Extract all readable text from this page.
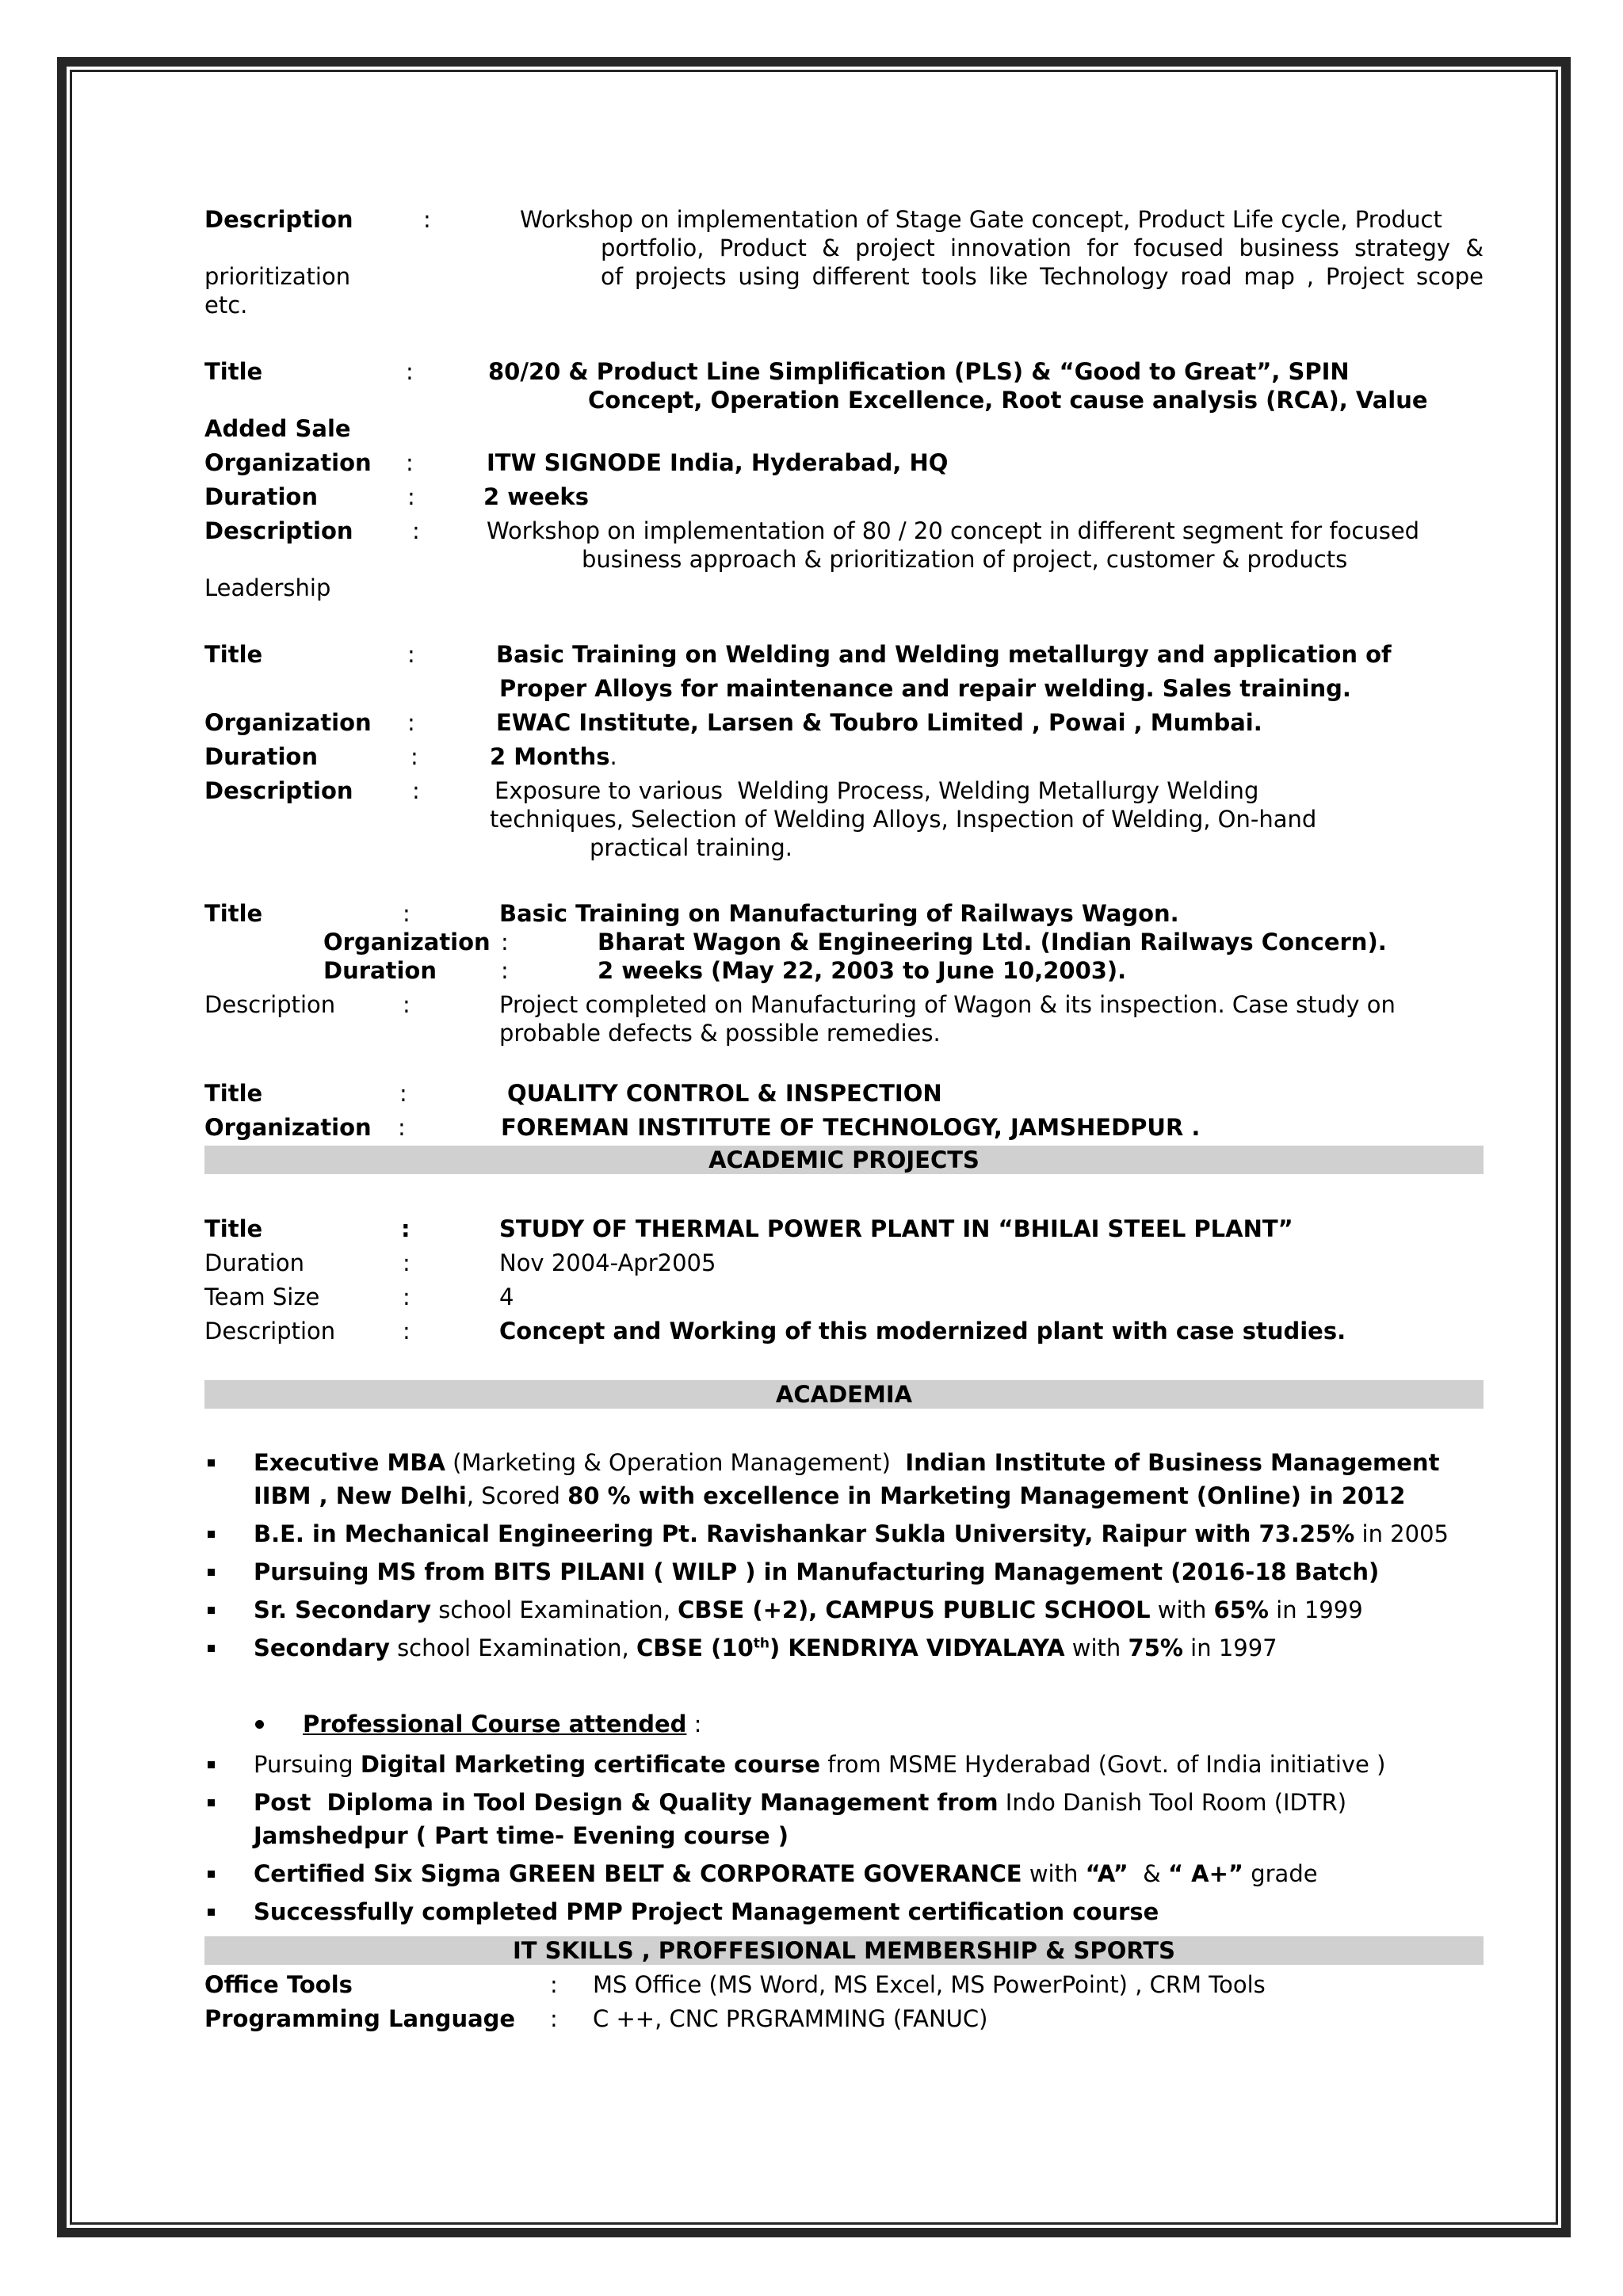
Description	:	Workshop on implementation of Stage Gate concept, Product Life cycle, Product
portfolio, Product & project innovation for focused business strategy &
prioritization	of projects using different tools like Technology road map , Project scope
etc.
Title	:	80/20 & Product Line Simplification (PLS) & “Good to Great”, SPIN
Concept, Operation Excellence, Root cause analysis (RCA), Value
Added Sale
Organization :	ITW SIGNODE India, Hyderabad, HQ
Duration	:	2 weeks
Description	:	Workshop on implementation of 80 / 20 concept in different segment for focused
business approach & prioritization of project, customer & products
Leadership
Title	:	Basic Training on Welding and Welding metallurgy and application of
Proper Alloys for maintenance and repair welding. Sales training.
Organization :	EWAC Institute, Larsen & Toubro Limited , Powai , Mumbai.
Duration	:	2 Months.
Description	:	Exposure to various  Welding Process, Welding Metallurgy Welding
techniques, Selection of Welding Alloys, Inspection of Welding, On-hand
practical training.
Title	:	Basic Training on Manufacturing of Railways Wagon.
Organization :	Bharat Wagon & Engineering Ltd. (Indian Railways Concern).
Duration	:	2 weeks (May 22, 2003 to June 10,2003).
Description	:	Project completed on Manufacturing of Wagon & its inspection. Case study on
probable defects & possible remedies.
Title	:	QUALITY CONTROL & INSPECTION
Organization :	FOREMAN INSTITUTE OF TECHNOLOGY, JAMSHEDPUR .
ACADEMIC PROJECTS
Title	:	STUDY OF THERMAL POWER PLANT IN “BHILAI STEEL PLANT”
Duration	:	Nov 2004-Apr2005
Team Size	:	4
Description	:	Concept and Working of this modernized plant with case studies.
ACADEMIA
Executive MBA (Marketing & Operation Management)  Indian Institute of Business Management
IIBM , New Delhi, Scored 80 % with excellence in Marketing Management (Online) in 2012
B.E. in Mechanical Engineering Pt. Ravishankar Sukla University, Raipur with 73.25% in 2005
Pursuing MS from BITS PILANI ( WILP ) in Manufacturing Management (2016-18 Batch)
Sr. Secondary school Examination, CBSE (+2), CAMPUS PUBLIC SCHOOL with 65% in 1999
Secondary school Examination, CBSE (10th) KENDRIYA VIDYALAYA with 75% in 1997
Professional Course attended :
Pursuing Digital Marketing certificate course from MSME Hyderabad (Govt. of India initiative )
Post  Diploma in Tool Design & Quality Management from Indo Danish Tool Room (IDTR)
Jamshedpur ( Part time- Evening course )
Certified Six Sigma GREEN BELT & CORPORATE GOVERANCE with “A”  & “ A+” grade
Successfully completed PMP Project Management certification course
IT SKILLS , PROFFESIONAL MEMBERSHIP & SPORTS
Office Tools	: MS Office (MS Word, MS Excel, MS PowerPoint) , CRM Tools
Programming Language : C ++, CNC PRGRAMMING (FANUC)
